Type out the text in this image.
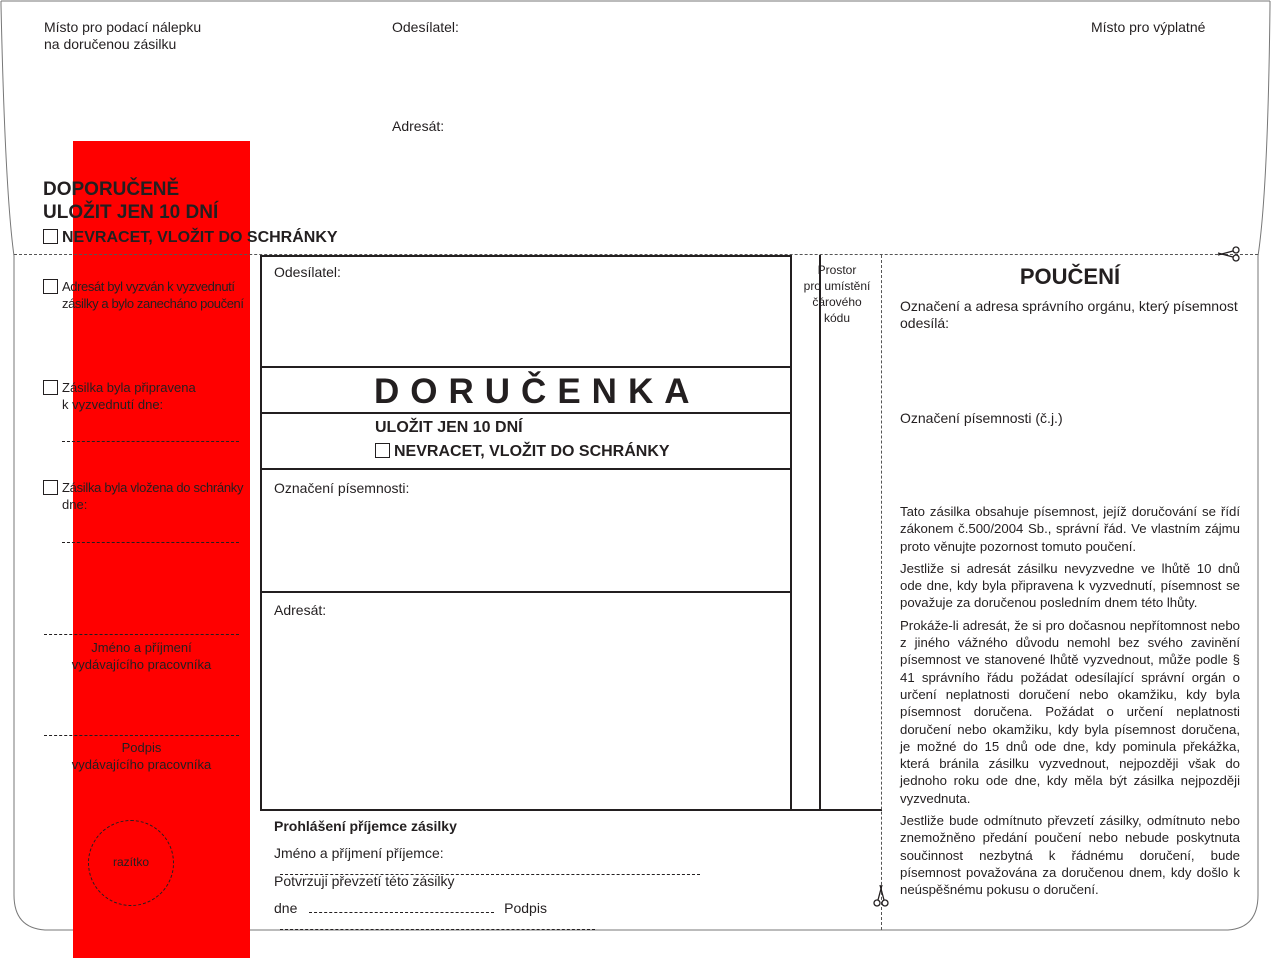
Místo pro podací nálepku
na doručenou zásilku
Odesílatel:
Adresát:
Místo pro výplatné
DOPORUČENĚ
ULOŽIT JEN 10 DNÍ
NEVRACET, VLOŽIT DO SCHRÁNKY
Adresát byl vyzván k vyzvednutí zásilky a bylo zanecháno poučení
Zásilka byla připravena
k vyzvednutí dne:
Zásilka byla vložena do schránky
dne:
Jméno a příjmení
vydávajícího pracovníka
Podpis
vydávajícího pracovníka
razítko
Odesílatel:
DORUČENKA
ULOŽIT JEN 10 DNÍ
NEVRACET, VLOŽIT DO SCHRÁNKY
Označení písemnosti:
Adresát:
Prostor
pro umístění
čárového
kódu
Prohlášení příjemce zásilky
Jméno a příjmení příjemce:
Potvrzuji převzetí této zásilky
dne	Podpis
POUČENÍ
Označení a adresa správního orgánu, který písemnost odesílá:
Označení písemnosti (č.j.)
Tato zásilka obsahuje písemnost, jejíž doručování se řídí zákonem č.500/2004 Sb., správní řád. Ve vlastním zájmu proto věnujte pozornost tomuto poučení.
Jestliže si adresát zásilku nevyzvedne ve lhůtě 10 dnů ode dne, kdy byla připravena k vyzvednutí, písemnost se považuje za doručenou posledním dnem této lhůty.
Prokáže-li adresát, že si pro dočasnou nepřítomnost nebo z jiného vážného důvodu nemohl bez svého zavinění písemnost ve stanovené lhůtě vyzvednout, může podle § 41 správního řádu požádat odesílající správní orgán o určení neplatnosti doručení nebo okamžiku, kdy byla písemnost doručena. Požádat o určení neplatnosti doručení nebo okamžiku, kdy byla písemnost doručena, je možné do 15 dnů ode dne, kdy pominula překážka, která bránila zásilku vyzvednout, nejpozději však do jednoho roku ode dne, kdy měla být zásilka nejpozději vyzvednuta.
Jestliže bude odmítnuto převzetí zásilky, odmítnuto nebo znemožněno předání poučení nebo nebude poskytnuta součinnost nezbytná k řádnému doručení, bude písemnost považována za doručenou dnem, kdy došlo k neúspěšnému pokusu o doručení.
